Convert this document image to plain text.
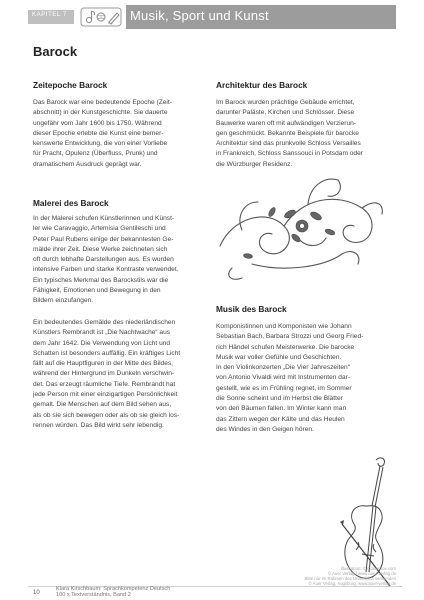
KAPITEL 7	Musik, Sport und Kunst
Barock
Zeitepoche Barock
Das Barock war eine bedeutende Epoche (Zeit-
abschnitt) in der Kunstgeschichte. Sie dauerte
ungefähr vom Jahr 1600 bis 1750. Während
dieser Epoche erlebte die Kunst eine bemer-
kenswerte Entwicklung, die von einer Vorliebe
für Pracht, Opulenz (Überfluss, Prunk) und
dramatischem Ausdruck geprägt war.
Malerei des Barock
In der Malerei schufen Künstlerinnen und Künst-
ler wie Caravaggio, Artemisia Gentileschi und
Peter Paul Rubens einige der bekanntesten Ge-
mälde ihrer Zeit. Diese Werke zeichneten sich
oft durch lebhafte Darstellungen aus. Es wurden
intensive Farben und starke Kontraste verwendet.
Ein typisches Merkmal des Barockstils war die
Fähigkeit, Emotionen und Bewegung in den
Bildern einzufangen.
Ein bedeutendes Gemälde des niederländischen
Künstlers Rembrandt ist „Die Nachtwache“ aus
dem Jahr 1642. Die Verwendung von Licht und
Schatten ist besonders auffällig. Ein kräftiges Licht
fällt auf die Hauptfiguren in der Mitte des Bildes,
während der Hintergrund im Dunkeln verschwin-
det. Das erzeugt räumliche Tiefe. Rembrandt hat
jede Person mit einer einzigartigen Persönlichkeit
gemalt. Die Menschen auf dem Bild sehen aus,
als ob sie sich bewegen oder als ob sie gleich los-
rennen würden. Das Bild wirkt sehr lebendig.
Architektur des Barock
Im Barock wurden prächtige Gebäude errichtet,
darunter Paläste, Kirchen und Schlösser. Diese
Bauwerke waren oft mit aufwändigen Verzierun-
gen geschmückt. Bekannte Beispiele für barocke
Architektur sind das prunkvolle Schloss Versailles
in Frankreich, Schloss Sanssouci in Potsdam oder
die Würzburger Residenz.
Musik des Barock
Komponistinnen und Komponisten wie Johann
Sebastian Bach, Barbara Strozzi und Georg Fried-
rich Händel schufen Meisterwerke. Die barocke
Musik war voller Gefühle und Geschichten.
In den Violinkonzerten „Die Vier Jahreszeiten“
von Antonio Vivaldi wird mit Instrumenten dar-
gestellt, wie es im Frühling regnet, im Sommer
die Sonne scheint und im Herbst die Blätter
von den Bäumen fallen. Im Winter kann man
das Zittern wegen der Kälte und das Heulen
des Windes in den Geigen hören.
10
Klara Kirschbaum: Sprachkompetenz Deutsch
100 x Textverständnis, Band 2
Illustration: © Colourbox.com
© Auer Verlag / www.auer-verlag.de
Bitte nur im Rahmen des Unterrichts verwenden
© Auer Verlag, Augsburg, www.auer-verlag.de
